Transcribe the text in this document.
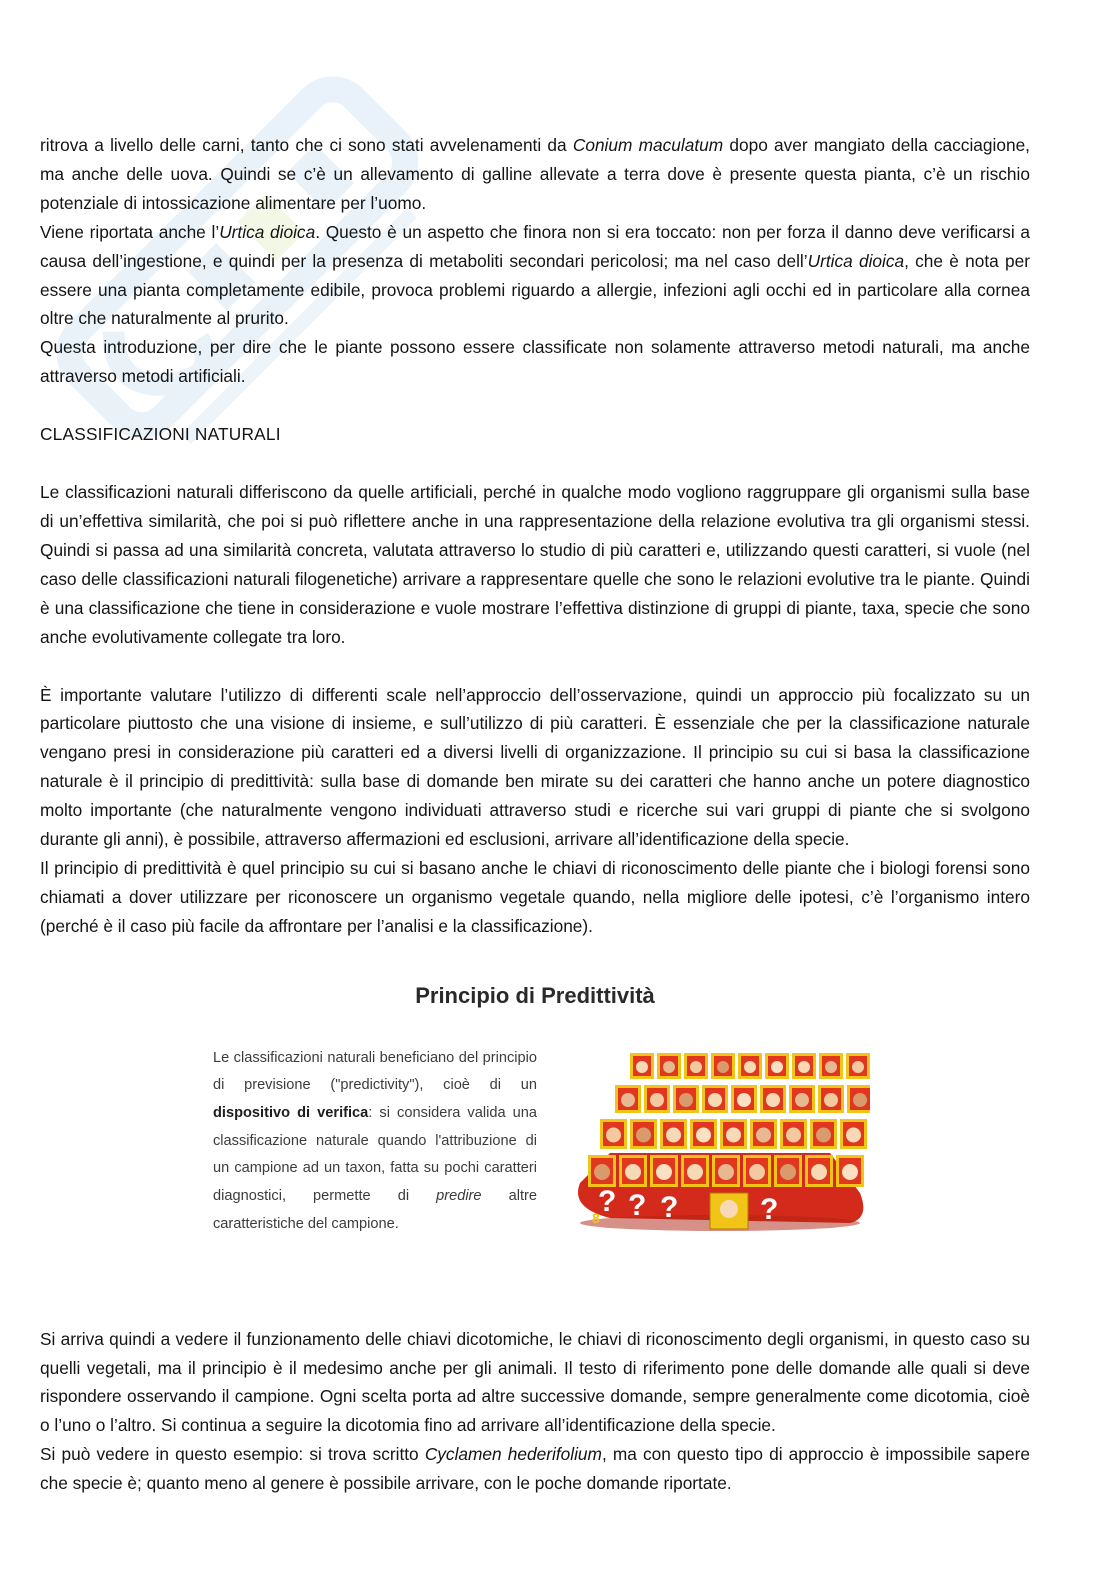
ritrova a livello delle carni, tanto che ci sono stati avvelenamenti da Conium maculatum dopo aver mangiato della cacciagione, ma anche delle uova. Quindi se c’è un allevamento di galline allevate a terra dove è presente questa pianta, c’è un rischio potenziale di intossicazione alimentare per l’uomo.

Viene riportata anche l’Urtica dioica. Questo è un aspetto che finora non si era toccato: non per forza il danno deve verificarsi a causa dell’ingestione, e quindi per la presenza di metaboliti secondari pericolosi; ma nel caso dell’Urtica dioica, che è nota per essere una pianta completamente edibile, provoca problemi riguardo a allergie, infezioni agli occhi ed in particolare alla cornea oltre che naturalmente al prurito.

Questa introduzione, per dire che le piante possono essere classificate non solamente attraverso metodi naturali, ma anche attraverso metodi artificiali.

CLASSIFICAZIONI NATURALI

Le classificazioni naturali differiscono da quelle artificiali, perché in qualche modo vogliono raggruppare gli organismi sulla base di un’effettiva similarità, che poi si può riflettere anche in una rappresentazione della relazione evolutiva tra gli organismi stessi. Quindi si passa ad una similarità concreta, valutata attraverso lo studio di più caratteri e, utilizzando questi caratteri, si vuole (nel caso delle classificazioni naturali filogenetiche) arrivare a rappresentare quelle che sono le relazioni evolutive tra le piante. Quindi è una classificazione che tiene in considerazione e vuole mostrare l’effettiva distinzione di gruppi di piante, taxa, specie che sono anche evolutivamente collegate tra loro.

È importante valutare l’utilizzo di differenti scale nell’approccio dell’osservazione, quindi un approccio più focalizzato su un particolare piuttosto che una visione di insieme, e sull’utilizzo di più caratteri. È essenziale che per la classificazione naturale vengano presi in considerazione più caratteri ed a diversi livelli di organizzazione. Il principio su cui si basa la classificazione naturale è il principio di predittività: sulla base di domande ben mirate su dei caratteri che hanno anche un potere diagnostico molto importante (che naturalmente vengono individuati attraverso studi e ricerche sui vari gruppi di piante che si svolgono durante gli anni), è possibile, attraverso affermazioni ed esclusioni, arrivare all’identificazione della specie.

Il principio di predittività è quel principio su cui si basano anche le chiavi di riconoscimento delle piante che i biologi forensi sono chiamati a dover utilizzare per riconoscere un organismo vegetale quando, nella migliore delle ipotesi, c’è l’organismo intero (perché è il caso più facile da affrontare per l’analisi e la classificazione).

Principio di Predittività
Le classificazioni naturali beneficiano del principio di previsione ("predictivity"), cioè di un dispositivo di verifica: si considera valida una classificazione naturale quando l'attribuzione di un campione ad un taxon, fatta su pochi caratteri diagnostici, permette di predire altre caratteristiche del campione.
? ? ?	?
8

Si arriva quindi a vedere il funzionamento delle chiavi dicotomiche, le chiavi di riconoscimento degli organismi, in questo caso su quelli vegetali, ma il principio è il medesimo anche per gli animali. Il testo di riferimento pone delle domande alle quali si deve rispondere osservando il campione. Ogni scelta porta ad altre successive domande, sempre generalmente come dicotomia, cioè o l’uno o l’altro. Si continua a seguire la dicotomia fino ad arrivare all’identificazione della specie.

Si può vedere in questo esempio: si trova scritto Cyclamen hederifolium, ma con questo tipo di approccio è impossibile sapere che specie è; quanto meno al genere è possibile arrivare, con le poche domande riportate.
